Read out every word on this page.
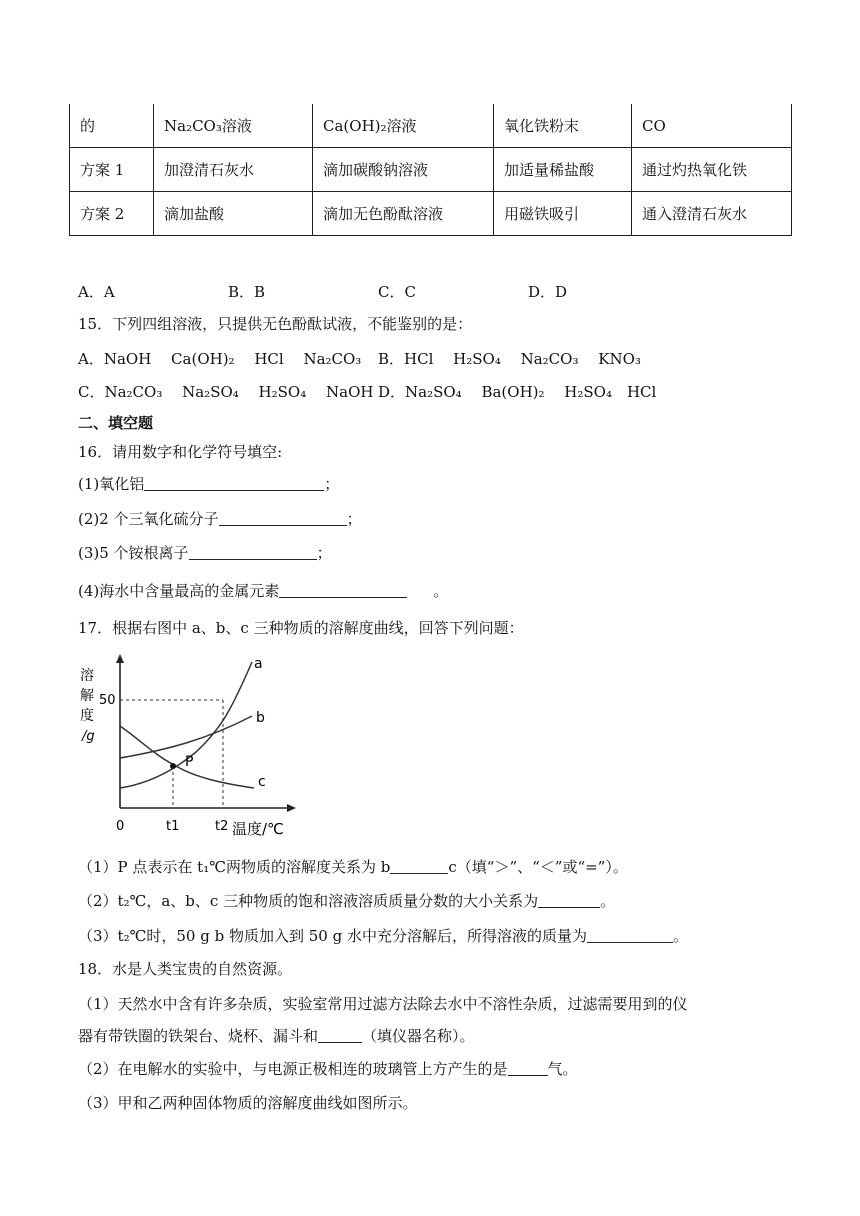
的	Na₂CO₃溶液	Ca(OH)₂溶液	氧化铁粉末	CO
方案 1	加澄清石灰水	滴加碳酸钠溶液	加适量稀盐酸	通过灼热氧化铁
方案 2	滴加盐酸	滴加无色酚酞溶液	用磁铁吸引	通入澄清石灰水
A．A	B．B	C．C	D．D
15．下列四组溶液，只提供无色酚酞试液，不能鉴别的是：
A．NaOH　 Ca(OH)₂　 HCl　 Na₂CO₃ B．HCl　 H₂SO₄　 Na₂CO₃　 KNO₃
C．Na₂CO₃　 Na₂SO₄　 H₂SO₄　 NaOH D．Na₂SO₄　 Ba(OH)₂　 H₂SO₄　HCl
二、填空题
16．请用数字和化学符号填空:
(1)氧化铝	；
(2)2 个三氧化硫分子	；
(3)5 个铵根离子	；
(4)海水中含量最高的金属元素	。
17．根据右图中 a、b、c 三种物质的溶解度曲线，回答下列问题：
溶
解
度
/g
50
0	t1	t2 温度/℃
a
b
c
P
（1）P 点表示在 t₁℃两物质的溶解度关系为 b	c（填“＞”、“＜”或“=”）。
（2）t₂℃，a、b、c 三种物质的饱和溶液溶质质量分数的大小关系为	。
（3）t₂℃时，50 g b 物质加入到 50 g 水中充分溶解后，所得溶液的质量为	。
18．水是人类宝贵的自然资源。
（1）天然水中含有许多杂质，实验室常用过滤方法除去水中不溶性杂质，过滤需要用到的仪
器有带铁圈的铁架台、烧杯、漏斗和	（填仪器名称）。
（2）在电解水的实验中，与电源正极相连的玻璃管上方产生的是	气。
（3）甲和乙两种固体物质的溶解度曲线如图所示。
